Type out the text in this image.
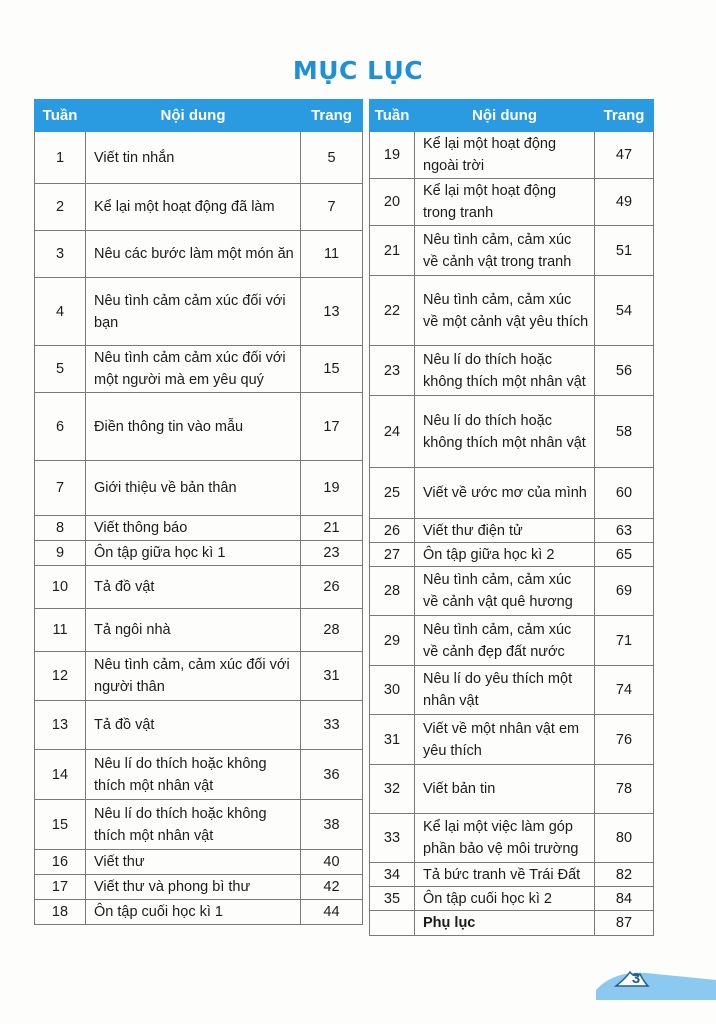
MỤC LỤC
Tuần	Nội dung	Trang
1	Viết tin nhắn	5
2	Kể lại một hoạt động đã làm	7
3	Nêu các bước làm một món ăn	11
4	Nêu tình cảm cảm xúc đối với bạn	13
5	Nêu tình cảm cảm xúc đối với một người mà em yêu quý	15
6	Điền thông tin vào mẫu	17
7	Giới thiệu về bản thân	19
8	Viết thông báo	21
9	Ôn tập giữa học kì 1	23
10	Tả đồ vật	26
11	Tả ngôi nhà	28
12	Nêu tình cảm, cảm xúc đối với người thân	31
13	Tả đồ vật	33
14	Nêu lí do thích hoặc không thích một nhân vật	36
15	Nêu lí do thích hoặc không thích một nhân vật	38
16	Viết thư	40
17	Viết thư và phong bì thư	42
18	Ôn tập cuối học kì 1	44
Tuần	Nội dung	Trang
19	Kể lại một hoạt động ngoài trời	47
20	Kể lại một hoạt động trong tranh	49
21	Nêu tình cảm, cảm xúc về cảnh vật trong tranh	51
22	Nêu tình cảm, cảm xúc về một cảnh vật yêu thích	54
23	Nêu lí do thích hoặc không thích một nhân vật	56
24	Nêu lí do thích hoặc không thích một nhân vật	58
25	Viết về ước mơ của mình	60
26	Viết thư điện tử	63
27	Ôn tập giữa học kì 2	65
28	Nêu tình cảm, cảm xúc về cảnh vật quê hương	69
29	Nêu tình cảm, cảm xúc về cảnh đẹp đất nước	71
30	Nêu lí do yêu thích một nhân vật	74
31	Viết về một nhân vật em yêu thích	76
32	Viết bản tin	78
33	Kể lại một việc làm góp phần bảo vệ môi trường	80
34	Tả bức tranh về Trái Đất	82
35	Ôn tập cuối học kì 2	84
	Phụ lục	87
3
